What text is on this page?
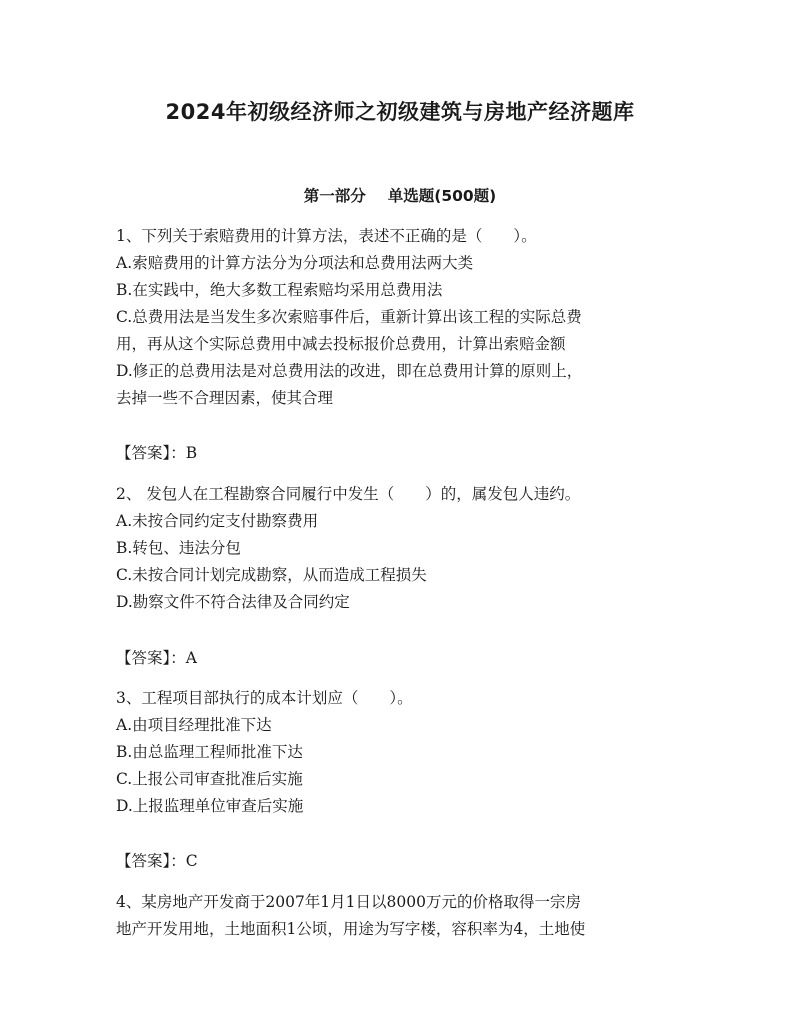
2024年初级经济师之初级建筑与房地产经济题库
第一部分 单选题(500题)
1、下列关于索赔费用的计算方法，表述不正确的是（　　）。
A.索赔费用的计算方法分为分项法和总费用法两大类
B.在实践中，绝大多数工程索赔均采用总费用法
C.总费用法是当发生多次索赔事件后，重新计算出该工程的实际总费
用，再从这个实际总费用中减去投标报价总费用，计算出索赔金额
D.修正的总费用法是对总费用法的改进，即在总费用计算的原则上，
去掉一些不合理因素，使其合理
【答案】：B
2、 发包人在工程勘察合同履行中发生（　　）的，属发包人违约。
A.未按合同约定支付勘察费用
B.转包、违法分包
C.未按合同计划完成勘察，从而造成工程损失
D.勘察文件不符合法律及合同约定
【答案】：A
3、工程项目部执行的成本计划应（　　）。
A.由项目经理批准下达
B.由总监理工程师批准下达
C.上报公司审查批准后实施
D.上报监理单位审查后实施
【答案】：C
4、某房地产开发商于2007年1月1日以8000万元的价格取得一宗房
地产开发用地，土地面积1公顷，用途为写字楼，容积率为4，土地使
